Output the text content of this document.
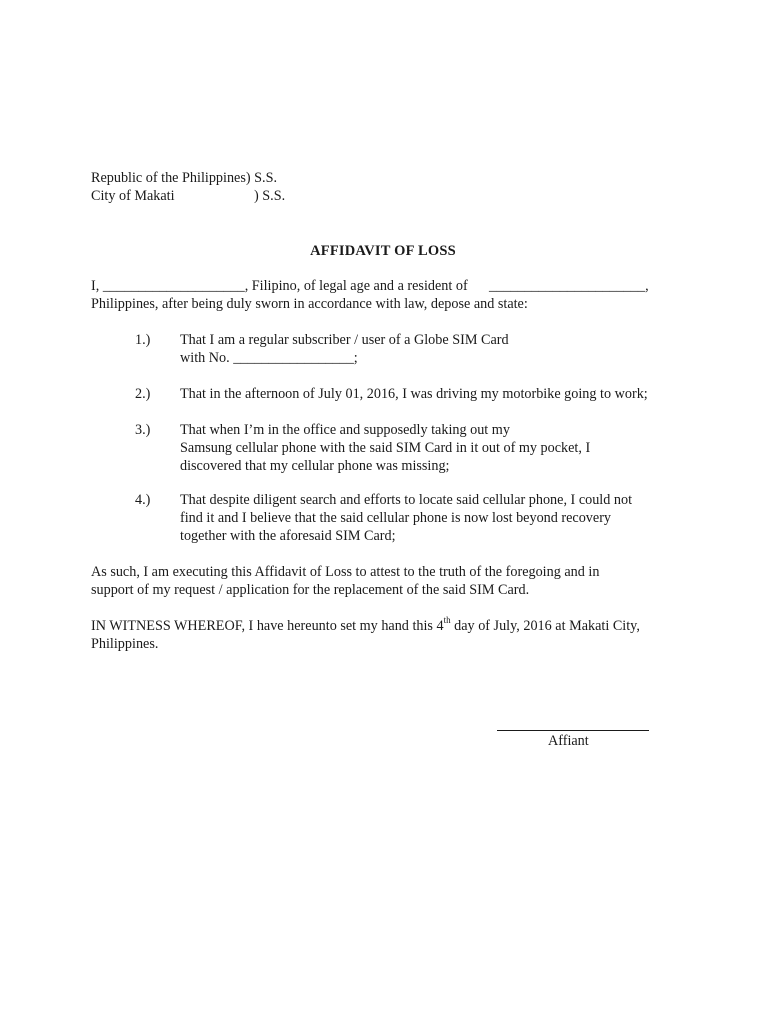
Republic of the Philippines) S.S.
City of Makati	) S.S.
AFFIDAVIT OF LOSS
I, ____________________, Filipino, of legal age and a resident of ______________________,
Philippines, after being duly sworn in accordance with law, depose and state:
1.) That I am a regular subscriber / user of a Globe SIM Card
with No. _________________;
2.) That in the afternoon of July 01, 2016, I was driving my motorbike going to work;
3.) That when I’m in the office and supposedly taking out my
Samsung cellular phone with the said SIM Card in it out of my pocket, I
discovered that my cellular phone was missing;
4.) That despite diligent search and efforts to locate said cellular phone, I could not
find it and I believe that the said cellular phone is now lost beyond recovery
together with the aforesaid SIM Card;
As such, I am executing this Affidavit of Loss to attest to the truth of the foregoing and in
support of my request / application for the replacement of the said SIM Card.
IN WITNESS WHEREOF, I have hereunto set my hand this 4th day of July, 2016 at Makati City,
Philippines.
Affiant
